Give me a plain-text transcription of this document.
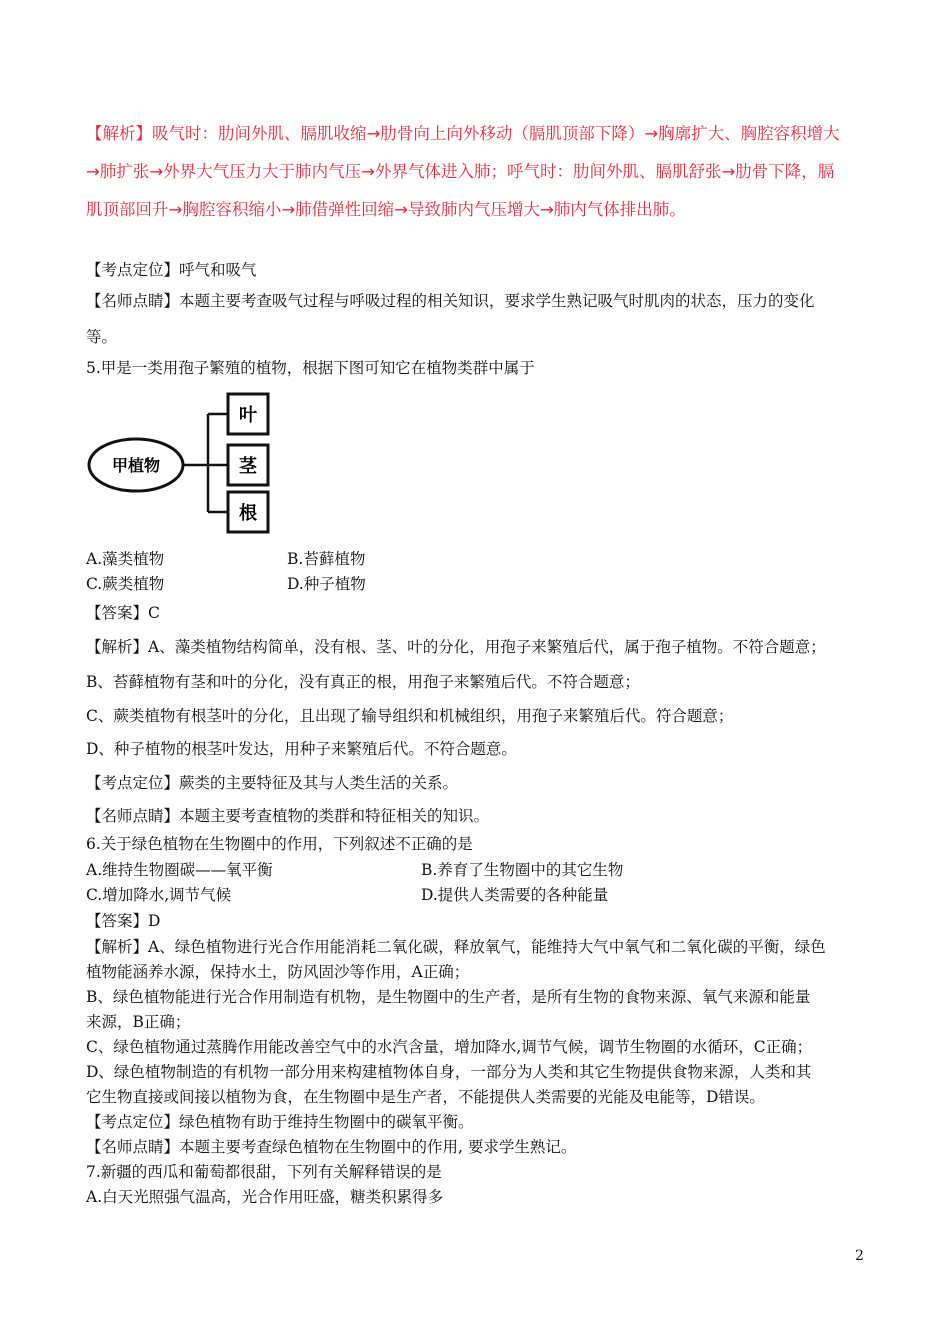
【解析】吸气时：肋间外肌、膈肌收缩→肋骨向上向外移动（膈肌顶部下降）→胸廓扩大、胸腔容积增大
→肺扩张→外界大气压力大于肺内气压→外界气体进入肺；呼气时：肋间外肌、膈肌舒张→肋骨下降，膈
肌顶部回升→胸腔容积缩小→肺借弹性回缩→导致肺内气压增大→肺内气体排出肺。
【考点定位】呼气和吸气
【名师点睛】本题主要考查吸气过程与呼吸过程的相关知识，要求学生熟记吸气时肌肉的状态，压力的变化
等。
5.甲是一类用孢子繁殖的植物，根据下图可知它在植物类群中属于
甲植物
叶
茎
根
A.藻类植物	B.苔藓植物
C.蕨类植物	D.种子植物
【答案】C
【解析】A、藻类植物结构简单，没有根、茎、叶的分化，用孢子来繁殖后代，属于孢子植物。不符合题意；
B、苔藓植物有茎和叶的分化，没有真正的根，用孢子来繁殖后代。不符合题意；
C、蕨类植物有根茎叶的分化，且出现了输导组织和机械组织，用孢子来繁殖后代。符合题意；
D、种子植物的根茎叶发达，用种子来繁殖后代。不符合题意。
【考点定位】蕨类的主要特征及其与人类生活的关系。
【名师点睛】本题主要考查植物的类群和特征相关的知识。
6.关于绿色植物在生物圈中的作用，下列叙述不正确的是
A.维持生物圈碳——氧平衡	B.养育了生物圈中的其它生物
C.增加降水,调节气候	D.提供人类需要的各种能量
【答案】D
【解析】A、绿色植物进行光合作用能消耗二氧化碳，释放氧气，能维持大气中氧气和二氧化碳的平衡，绿色
植物能涵养水源，保持水土，防风固沙等作用，A正确；
B、绿色植物能进行光合作用制造有机物，是生物圈中的生产者，是所有生物的食物来源、氧气来源和能量
来源，B正确；
C、绿色植物通过蒸腾作用能改善空气中的水汽含量，增加降水,调节气候，调节生物圈的水循环，C正确；
D、绿色植物制造的有机物一部分用来构建植物体自身，一部分为人类和其它生物提供食物来源，人类和其
它生物直接或间接以植物为食，在生物圈中是生产者，不能提供人类需要的光能及电能等，D错误。
【考点定位】绿色植物有助于维持生物圈中的碳氧平衡。
【名师点睛】本题主要考查绿色植物在生物圈中的作用, 要求学生熟记。
7.新疆的西瓜和葡萄都很甜，下列有关解释错误的是
A.白天光照强气温高，光合作用旺盛，糖类积累得多
2
